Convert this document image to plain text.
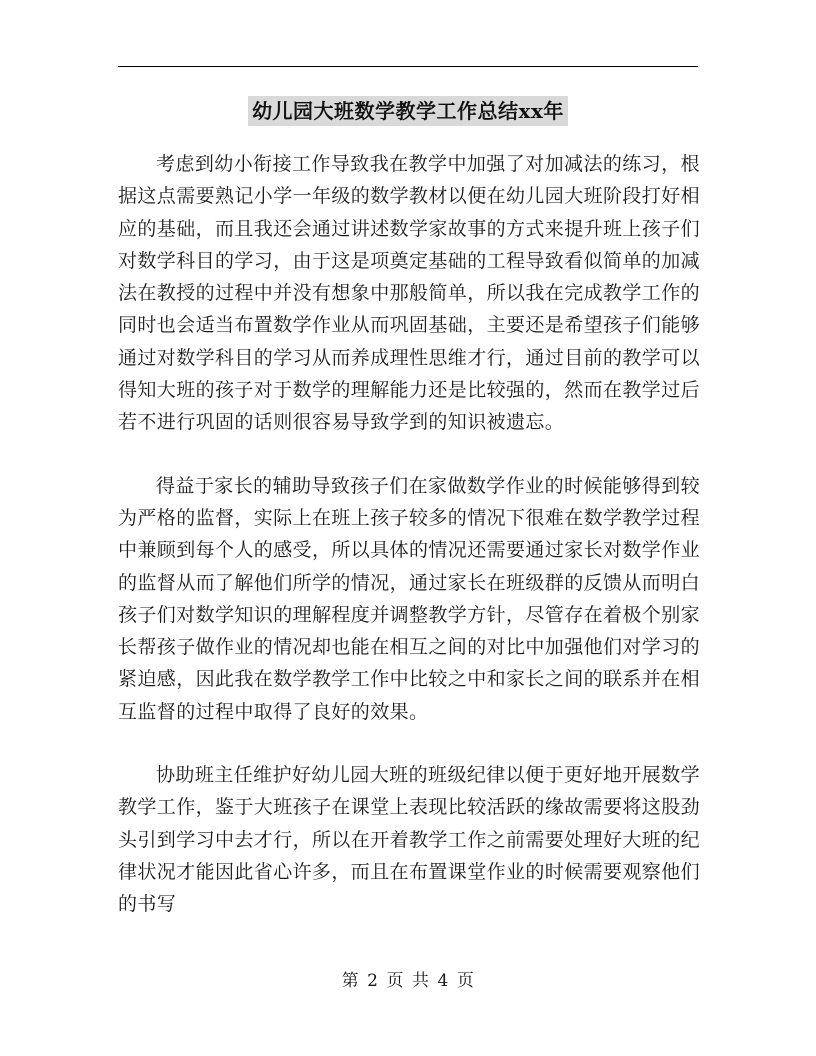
幼儿园大班数学教学工作总结xx年

考虑到幼小衔接工作导致我在教学中加强了对加减法的练习，根据这点需要熟记小学一年级的数学教材以便在幼儿园大班阶段打好相应的基础，而且我还会通过讲述数学家故事的方式来提升班上孩子们对数学科目的学习，由于这是项奠定基础的工程导致看似简单的加减法在教授的过程中并没有想象中那般简单，所以我在完成教学工作的同时也会适当布置数学作业从而巩固基础，主要还是希望孩子们能够通过对数学科目的学习从而养成理性思维才行，通过目前的教学可以得知大班的孩子对于数学的理解能力还是比较强的，然而在教学过后若不进行巩固的话则很容易导致学到的知识被遗忘。

得益于家长的辅助导致孩子们在家做数学作业的时候能够得到较为严格的监督，实际上在班上孩子较多的情况下很难在数学教学过程中兼顾到每个人的感受，所以具体的情况还需要通过家长对数学作业的监督从而了解他们所学的情况，通过家长在班级群的反馈从而明白孩子们对数学知识的理解程度并调整教学方针，尽管存在着极个别家长帮孩子做作业的情况却也能在相互之间的对比中加强他们对学习的紧迫感，因此我在数学教学工作中比较之中和家长之间的联系并在相互监督的过程中取得了良好的效果。

协助班主任维护好幼儿园大班的班级纪律以便于更好地开展数学教学工作，鉴于大班孩子在课堂上表现比较活跃的缘故需要将这股劲头引到学习中去才行，所以在开着教学工作之前需要处理好大班的纪律状况才能因此省心许多，而且在布置课堂作业的时候需要观察他们的书写

第 2 页 共 4 页
